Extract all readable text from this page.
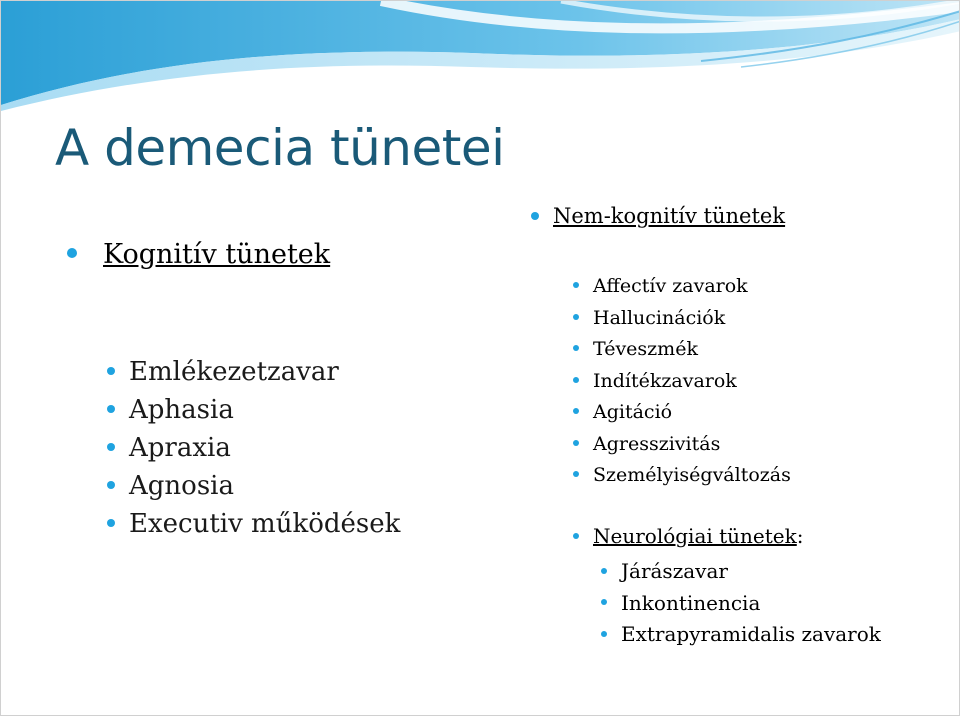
A demecia tünetei
Kognitív tünetek
Emlékezetzavar
Aphasia
Apraxia
Agnosia
Executiv működések
Nem-kognitív tünetek
Affectív zavarok
Hallucinációk
Téveszmék
Indítékzavarok
Agitáció
Agresszivitás
Személyiségváltozás
Neurológiai tünetek:
Járászavar
Inkontinencia
Extrapyramidalis zavarok
